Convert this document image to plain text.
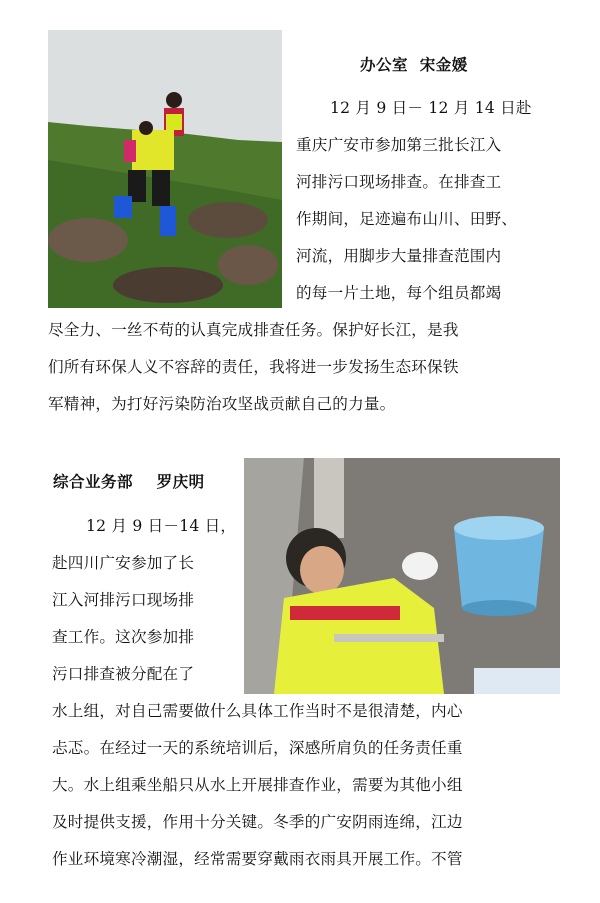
办公室  宋金媛
12 月 9 日－ 12 月 14 日赴
重庆广安市参加第三批长江入
河排污口现场排查。在排查工
作期间，足迹遍布山川、田野、
河流，用脚步大量排查范围内
的每一片土地，每个组员都竭
尽全力、一丝不苟的认真完成排查任务。保护好长江，是我
们所有环保人义不容辞的责任，我将进一步发扬生态环保铁
军精神，为打好污染防治攻坚战贡献自己的力量。
综合业务部    罗庆明
12 月 9 日－14 日，
赴四川广安参加了长
江入河排污口现场排
查工作。这次参加排
污口排查被分配在了
水上组，对自己需要做什么具体工作当时不是很清楚，内心
忐忑。在经过一天的系统培训后，深感所肩负的任务责任重
大。水上组乘坐船只从水上开展排查作业，需要为其他小组
及时提供支援，作用十分关键。冬季的广安阴雨连绵，江边
作业环境寒冷潮湿，经常需要穿戴雨衣雨具开展工作。不管
